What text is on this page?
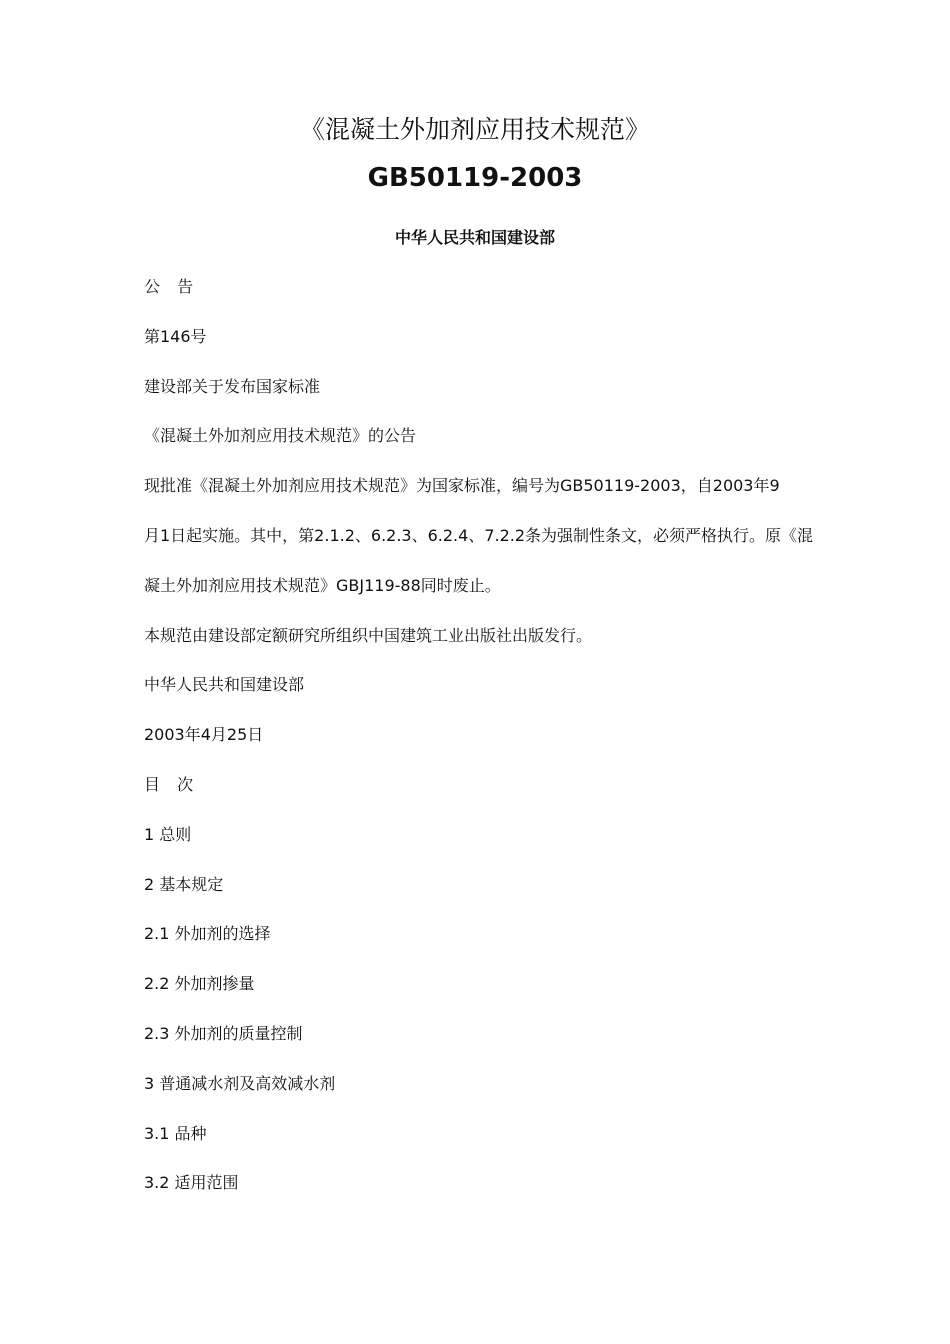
《混凝土外加剂应用技术规范》
GB50119-2003
中华人民共和国建设部
公 告
第146号
建设部关于发布国家标准
《混凝土外加剂应用技术规范》的公告
现批准《混凝土外加剂应用技术规范》为国家标准，编号为GB50119-2003，自2003年9
月1日起实施。其中，第2.1.2、6.2.3、6.2.4、7.2.2条为强制性条文，必须严格执行。原《混
凝土外加剂应用技术规范》GBJ119-88同时废止。
本规范由建设部定额研究所组织中国建筑工业出版社出版发行。
中华人民共和国建设部
2003年4月25日
目 次
1 总则
2 基本规定
2.1 外加剂的选择
2.2 外加剂掺量
2.3 外加剂的质量控制
3 普通减水剂及高效减水剂
3.1 品种
3.2 适用范围
